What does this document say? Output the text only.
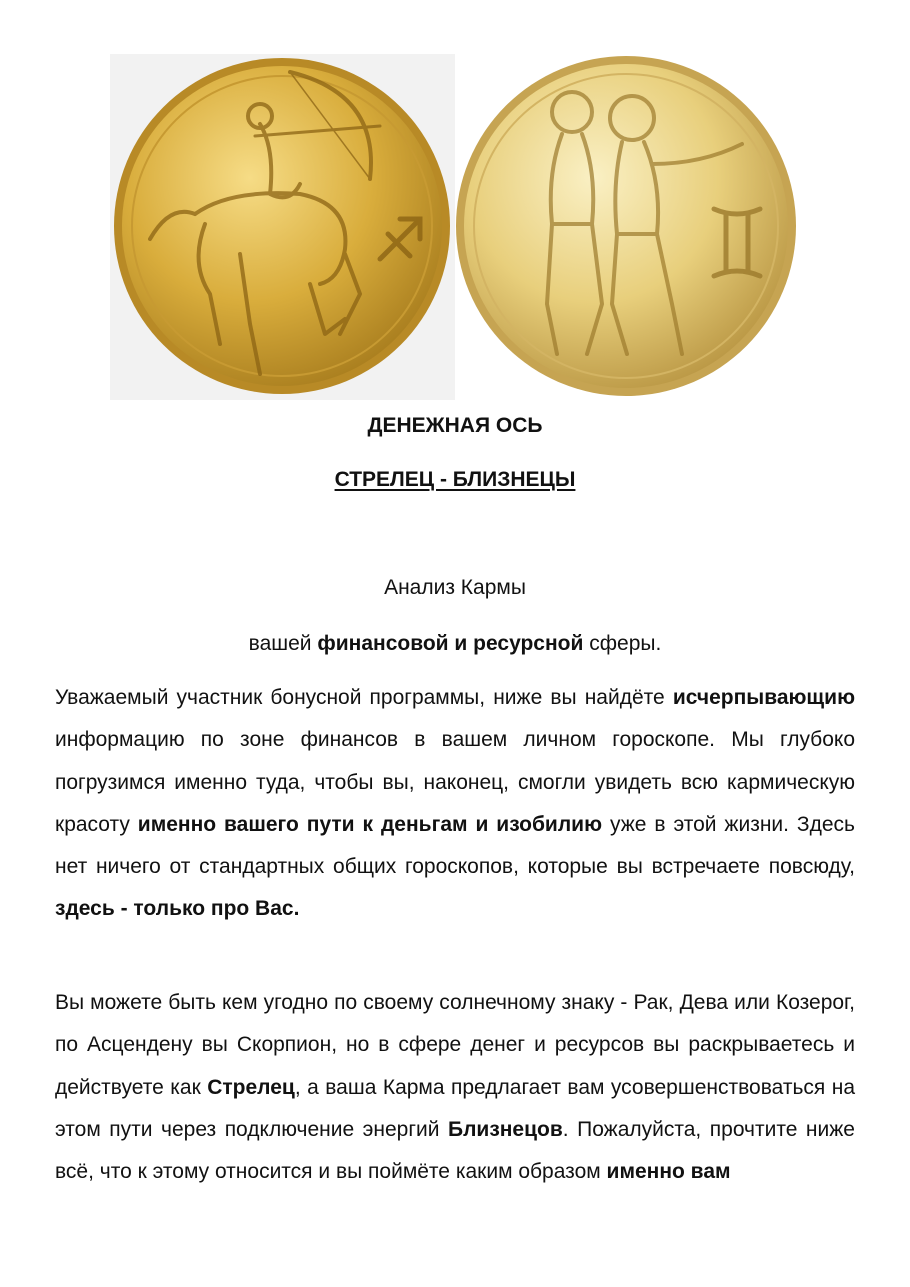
ДЕНЕЖНАЯ ОСЬ
СТРЕЛЕЦ - БЛИЗНЕЦЫ
Анализ Кармы
вашей финансовой и ресурсной сферы.
Уважаемый участник бонусной программы, ниже вы найдёте исчерпывающию информацию по зоне финансов в вашем личном гороскопе. Мы глубоко погрузимся именно туда, чтобы вы, наконец, смогли увидеть всю кармическую красоту именно вашего пути к деньгам и изобилию уже в этой жизни. Здесь нет ничего от стандартных общих гороскопов, которые вы встречаете повсюду, здесь - только про Вас.
Вы можете быть кем угодно по своему солнечному знаку - Рак, Дева или Козерог, по Асцендену вы Скорпион, но в сфере денег и ресурсов вы раскрываетесь и действуете как Стрелец, а ваша Карма предлагает вам усовершенствоваться на этом пути через подключение энергий Близнецов. Пожалуйста, прочтите ниже всё, что к этому относится и вы поймёте каким образом именно вам
